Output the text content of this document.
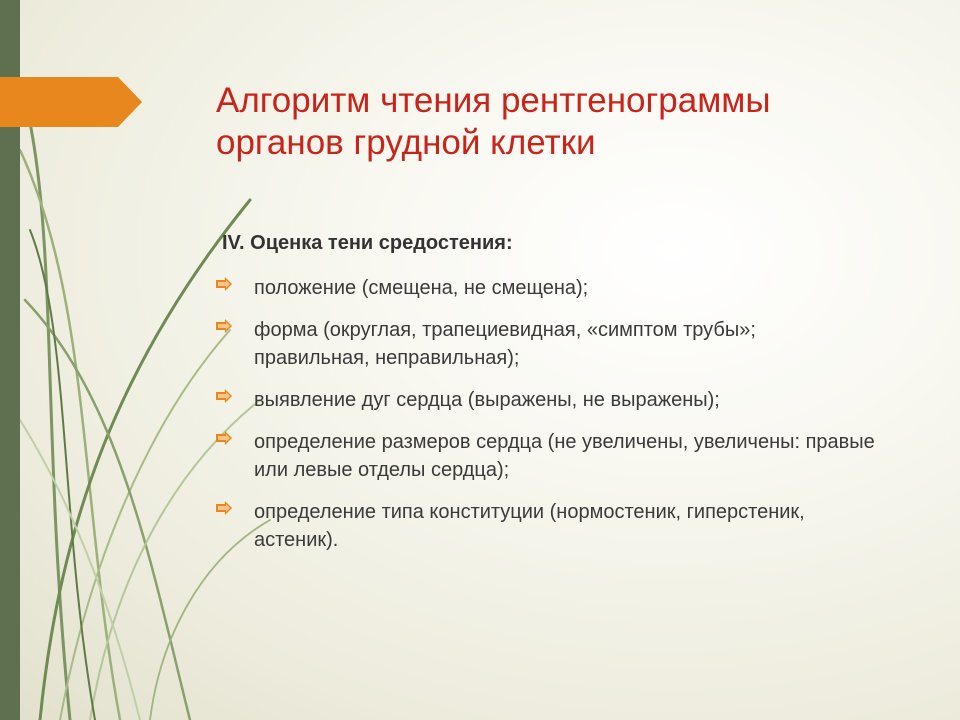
Алгоритм чтения рентгенограммы
органов грудной клетки

IV. Оценка тени средостения:

положение (смещена, не смещена);
форма (округлая, трапециевидная, «симптом трубы»; правильная, неправильная);
выявление дуг сердца (выражены, не выражены);
определение размеров сердца (не увеличены, увеличены: правые или левые отделы сердца);
определение типа конституции (нормостеник, гиперстеник, астеник).
